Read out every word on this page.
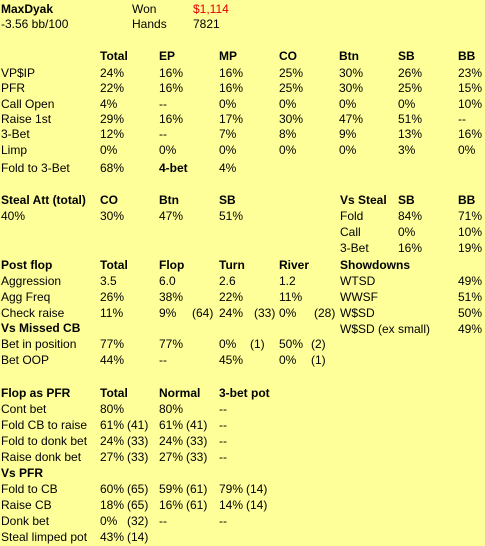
MaxDyak
-3.56 bb/100
Won	$1,114
Hands 7821
Total	EP	MP	CO	Btn	SB	BB
VP$IP	24%	16%	16%	25%	30%	26%	23%
PFR	22%	16%	16%	25%	30%	25%	15%
Call Open	4%	--	0%	0%	0%	0%	10%
Raise 1st	29%	16%	17%	30%	47%	51%	--
3-Bet	12%	--	7%	8%	9%	13%	16%
Limp	0%	0%	0%	0%	0%	3%	0%
Fold to 3-Bet	68%	4-bet	4%
Steal Att (total) CO	Btn	SB
40%	30%	47%	51%
Vs Steal SB	BB
Fold	84%	71%
Call	0%	10%
3-Bet 16%	19%
Post flop	Total	Flop	Turn	River
Aggression	3.5	6.0	2.6	1.2
Agg Freq	26%	38%	22%	11%
Check raise	11%	9% (64) 24% (33) 0% (28)
Vs Missed CB
Bet in position 77%	77%	0% (1) 50% (2)
Bet OOP	44%	--	45%	0% (1)
Showdowns
WTSD	49%
WWSF	51%
W$SD	50%
W$SD (ex small) 49%
Flop as PFR Total	Normal 3-bet pot
Cont bet	80%	80%	--
Fold CB to raise 61% (41) 61% (41) --
Fold to donk bet 24% (33) 24% (33) --
Raise donk bet 27% (33) 27% (33) --
Vs PFR
Fold to CB	60% (65) 59% (61) 79% (14)
Raise CB	18% (65) 16% (61) 14% (14)
Donk bet	0% (32) --	--
Steal limped pot 43% (14)
